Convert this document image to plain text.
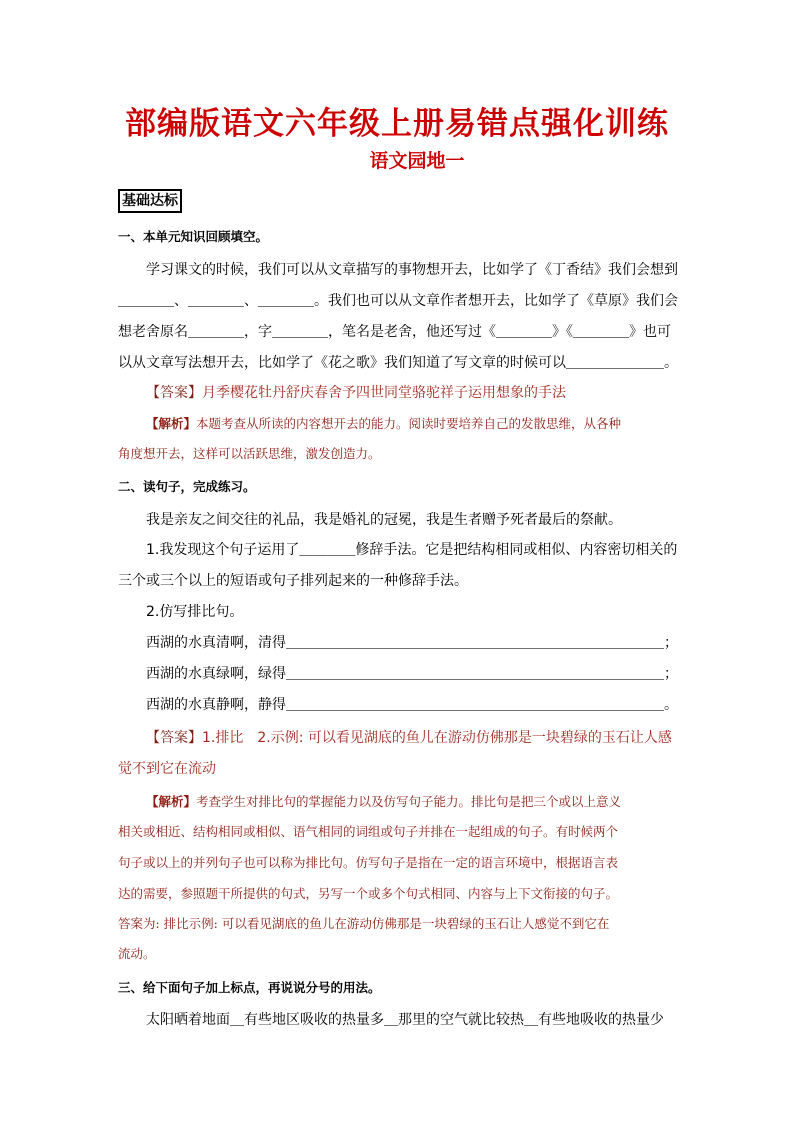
部编版语文六年级上册易错点强化训练
语文园地一
基础达标
一、本单元知识回顾填空。
学习课文的时候，我们可以从文章描写的事物想开去，比如学了《丁香结》我们会想到
＿＿＿＿、＿＿＿＿、＿＿＿＿。我们也可以从文章作者想开去，比如学了《草原》我们会
想老舍原名＿＿＿＿，字＿＿＿＿，笔名是老舍，他还写过《＿＿＿＿》《＿＿＿＿》也可
以从文章写法想开去，比如学了《花之歌》我们知道了写文章的时候可以＿＿＿＿＿＿＿。
【答案】月季樱花牡丹舒庆春舍予四世同堂骆驼祥子运用想象的手法
【解析】本题考查从所读的内容想开去的能力。阅读时要培养自己的发散思维，从各种
角度想开去，这样可以活跃思维，激发创造力。
二、读句子，完成练习。
我是亲友之间交往的礼品，我是婚礼的冠冕，我是生者赠予死者最后的祭献。
1.我发现这个句子运用了＿＿＿＿修辞手法。它是把结构相同或相似、内容密切相关的
三个或三个以上的短语或句子排列起来的一种修辞手法。
2.仿写排比句。
西湖的水真清啊，清得＿＿＿＿＿＿＿＿＿＿＿＿＿＿＿＿＿＿＿＿＿＿＿＿＿＿＿；
西湖的水真绿啊，绿得＿＿＿＿＿＿＿＿＿＿＿＿＿＿＿＿＿＿＿＿＿＿＿＿＿＿＿；
西湖的水真静啊，静得＿＿＿＿＿＿＿＿＿＿＿＿＿＿＿＿＿＿＿＿＿＿＿＿＿＿＿。
【答案】1.排比　2.示例: 可以看见湖底的鱼儿在游动仿佛那是一块碧绿的玉石让人感
觉不到它在流动
【解析】考查学生对排比句的掌握能力以及仿写句子能力。排比句是把三个或以上意义
相关或相近、结构相同或相似、语气相同的词组或句子并排在一起组成的句子。有时候两个
句子或以上的并列句子也可以称为排比句。仿写句子是指在一定的语言环境中，根据语言表
达的需要，参照题干所提供的句式，另写一个或多个句式相同、内容与上下文衔接的句子。
答案为: 排比示例: 可以看见湖底的鱼儿在游动仿佛那是一块碧绿的玉石让人感觉不到它在
流动。
三、给下面句子加上标点，再说说分号的用法。
太阳晒着地面＿有些地区吸收的热量多＿那里的空气就比较热＿有些地吸收的热量少
